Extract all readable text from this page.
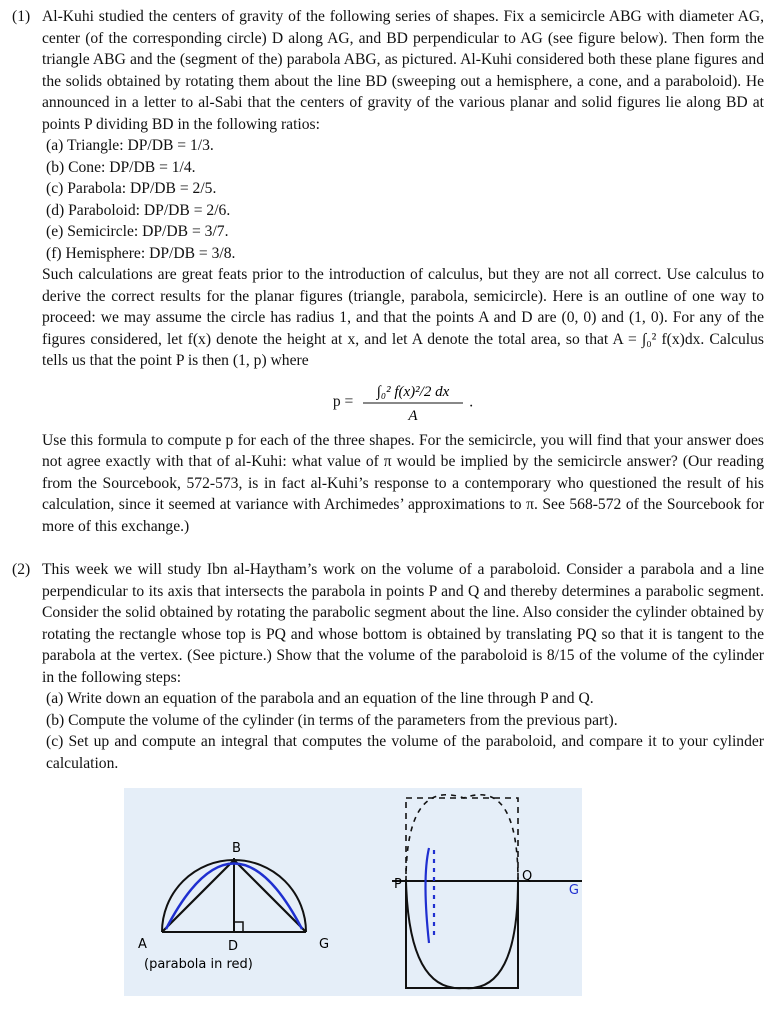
(1) Al-Kuhi studied the centers of gravity of the following series of shapes. Fix a semicircle ABG with diameter AG, center (of the corresponding circle) D along AG, and BD perpendicular to AG (see figure below). Then form the triangle ABG and the (segment of the) parabola ABG, as pictured. Al-Kuhi considered both these plane figures and the solids obtained by rotating them about the line BD (sweeping out a hemisphere, a cone, and a paraboloid). He announced in a letter to al-Sabi that the centers of gravity of the various planar and solid figures lie along BD at points P dividing BD in the following ratios:
(a) Triangle: DP/DB = 1/3.
(b) Cone: DP/DB = 1/4.
(c) Parabola: DP/DB = 2/5.
(d) Paraboloid: DP/DB = 2/6.
(e) Semicircle: DP/DB = 3/7.
(f) Hemisphere: DP/DB = 3/8.
Such calculations are great feats prior to the introduction of calculus, but they are not all correct. Use calculus to derive the correct results for the planar figures (triangle, parabola, semicircle). Here is an outline of one way to proceed: we may assume the circle has radius 1, and that the points A and D are (0, 0) and (1, 0). For any of the figures considered, let f(x) denote the height at x, and let A denote the total area, so that A = ∫₀² f(x)dx. Calculus tells us that the point P is then (1, p) where
p =
∫₀² f(x)²/2 dx
A
.
Use this formula to compute p for each of the three shapes. For the semicircle, you will find that your answer does not agree exactly with that of al-Kuhi: what value of π would be implied by the semicircle answer? (Our reading from the Sourcebook, 572-573, is in fact al-Kuhi’s response to a contemporary who questioned the result of his calculation, since it seemed at variance with Archimedes’ approximations to π. See 568-572 of the Sourcebook for more of this exchange.)
(2) This week we will study Ibn al-Haytham’s work on the volume of a paraboloid. Consider a parabola and a line perpendicular to its axis that intersects the parabola in points P and Q and thereby determines a parabolic segment. Consider the solid obtained by rotating the parabolic segment about the line. Also consider the cylinder obtained by rotating the rectangle whose top is PQ and whose bottom is obtained by translating PQ so that it is tangent to the parabola at the vertex. (See picture.) Show that the volume of the paraboloid is 8/15 of the volume of the cylinder in the following steps:
(a) Write down an equation of the parabola and an equation of the line through P and Q.
(b) Compute the volume of the cylinder (in terms of the parameters from the previous part).
(c) Set up and compute an integral that computes the volume of the paraboloid, and compare it to your cylinder calculation.
B
A	D	G
(parabola in red)
P
Q
G
